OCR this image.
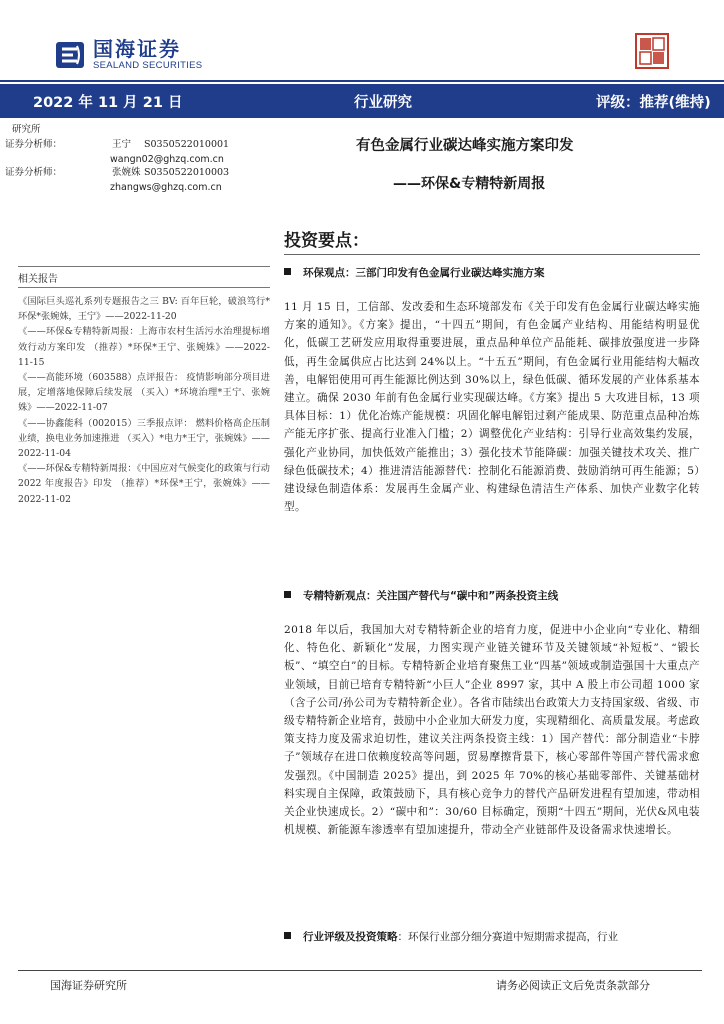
国海证券
SEALAND SECURITIES
2022 年 11 月 21 日	行业研究	评级：推荐(维持)
研究所
证券分析师：	王宁 S0350522010001
wangn02@ghzq.com.cn
证券分析师：	张婉姝 S0350522010003
zhangws@ghzq.com.cn
相关报告

《国际巨头巡礼系列专题报告之三 BV: 百年巨轮，破浪笃行*环保*张婉姝，王宁》——2022-11-20

《——环保&专精特新周报：上海市农村生活污水治理提标增效行动方案印发 （推荐）*环保*王宁、张婉姝》——2022-11-15

《——高能环境（603588）点评报告： 疫情影响部分项目进展，定增落地保障后续发展 （买入）*环境治理*王宁、张婉姝》——2022-11-07

《——协鑫能科（002015）三季报点评： 燃料价格高企压制业绩，换电业务加速推进 （买入）*电力*王宁，张婉姝》——2022-11-04

《——环保&专精特新周报：《中国应对气候变化的政策与行动 2022 年度报告》印发 （推荐）*环保*王宁，张婉姝》——2022-11-02

有色金属行业碳达峰实施方案印发
——环保&专精特新周报
投资要点：
环保观点：三部门印发有色金属行业碳达峰实施方案
11 月 15 日，工信部、发改委和生态环境部发布《关于印发有色金属行业碳达峰实施方案的通知》。《方案》提出，“十四五”期间，有色金属产业结构、用能结构明显优化，低碳工艺研发应用取得重要进展，重点品种单位产品能耗、碳排放强度进一步降低，再生金属供应占比达到 24%以上。“十五五”期间，有色金属行业用能结构大幅改善，电解铝使用可再生能源比例达到 30%以上，绿色低碳、循环发展的产业体系基本建立。确保 2030 年前有色金属行业实现碳达峰。《方案》提出 5 大攻进目标，13 项具体目标：1）优化冶炼产能规模：巩固化解电解铝过剩产能成果、防范重点品种冶炼产能无序扩张、提高行业准入门槛；2）调整优化产业结构：引导行业高效集约发展，强化产业协同，加快低效产能推出；3）强化技术节能降碳：加强关键技术攻关、推广绿色低碳技术；4）推进清洁能源替代：控制化石能源消费、鼓励消纳可再生能源；5）建设绿色制造体系：发展再生金属产业、构建绿色清洁生产体系、加快产业数字化转型。
专精特新观点：关注国产替代与“碳中和”两条投资主线
2018 年以后，我国加大对专精特新企业的培育力度，促进中小企业向“专业化、精细化、特色化、新颖化”发展，力图实现产业链关键环节及关键领域“补短板”、“锻长板”、“填空白”的目标。专精特新企业培育聚焦工业“四基”领域或制造强国十大重点产业领域，目前已培育专精特新“小巨人”企业 8997 家，其中 A 股上市公司超 1000 家（含子公司/孙公司为专精特新企业）。各省市陆续出台政策大力支持国家级、省级、市级专精特新企业培育，鼓励中小企业加大研发力度，实现精细化、高质量发展。考虑政策支持力度及需求迫切性，建议关注两条投资主线：1）国产替代：部分制造业“卡脖子”领域存在进口依赖度较高等问题，贸易摩擦背景下，核心零部件等国产替代需求愈发强烈。《中国制造 2025》提出，到 2025 年 70%的核心基础零部件、关键基础材料实现自主保障，政策鼓励下，具有核心竞争力的替代产品研发进程有望加速，带动相关企业快速成长。2）“碳中和”：30/60 目标确定，预期“十四五”期间，光伏&风电装机规模、新能源车渗透率有望加速提升，带动全产业链部件及设备需求快速增长。
行业评级及投资策略：环保行业部分细分赛道中短期需求提高，行业
国海证券研究所	请务必阅读正文后免责条款部分
